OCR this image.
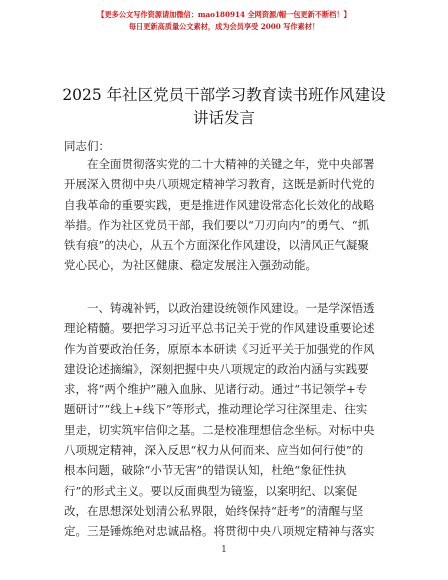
【更多公文写作资源请加微信：mao180914 全网资源/帽一包更新不断档！】
每日更新高质量公文素材，成为会员享受 2000 写作素材！
2025 年社区党员干部学习教育读书班作风建设
讲话发言
同志们：
在全面贯彻落实党的二十大精神的关键之年，党中央部署
开展深入贯彻中央八项规定精神学习教育，这既是新时代党的
自我革命的重要实践，更是推进作风建设常态化长效化的战略
举措。作为社区党员干部，我们要以“刀刃向内”的勇气、“抓
铁有痕”的决心，从五个方面深化作风建设，以清风正气凝聚
党心民心，为社区健康、稳定发展注入强劲动能。
一、铸魂补钙，以政治建设统领作风建设。一是学深悟透
理论精髓。要把学习习近平总书记关于党的作风建设重要论述
作为首要政治任务，原原本本研读《习近平关于加强党的作风
建设论述摘编》，深刻把握中央八项规定的政治内涵与实践要
求，将“两个维护”融入血脉、见诸行动。通过“书记领学+专
题研讨”“线上+线下”等形式，推动理论学习往深里走、往实
里走，切实筑牢信仰之基。二是校准理想信念坐标。对标中央
八项规定精神，深入反思“权力从何而来、应当如何行使”的
根本问题，破除“小节无害”的错误认知，杜绝“象征性执
行”的形式主义。要以反面典型为镜鉴，以案明纪、以案促
改，在思想深处划清公私界限，始终保持“赶考”的清醒与坚
定。三是锤炼绝对忠诚品格。将贯彻中央八项规定精神与落实
1
